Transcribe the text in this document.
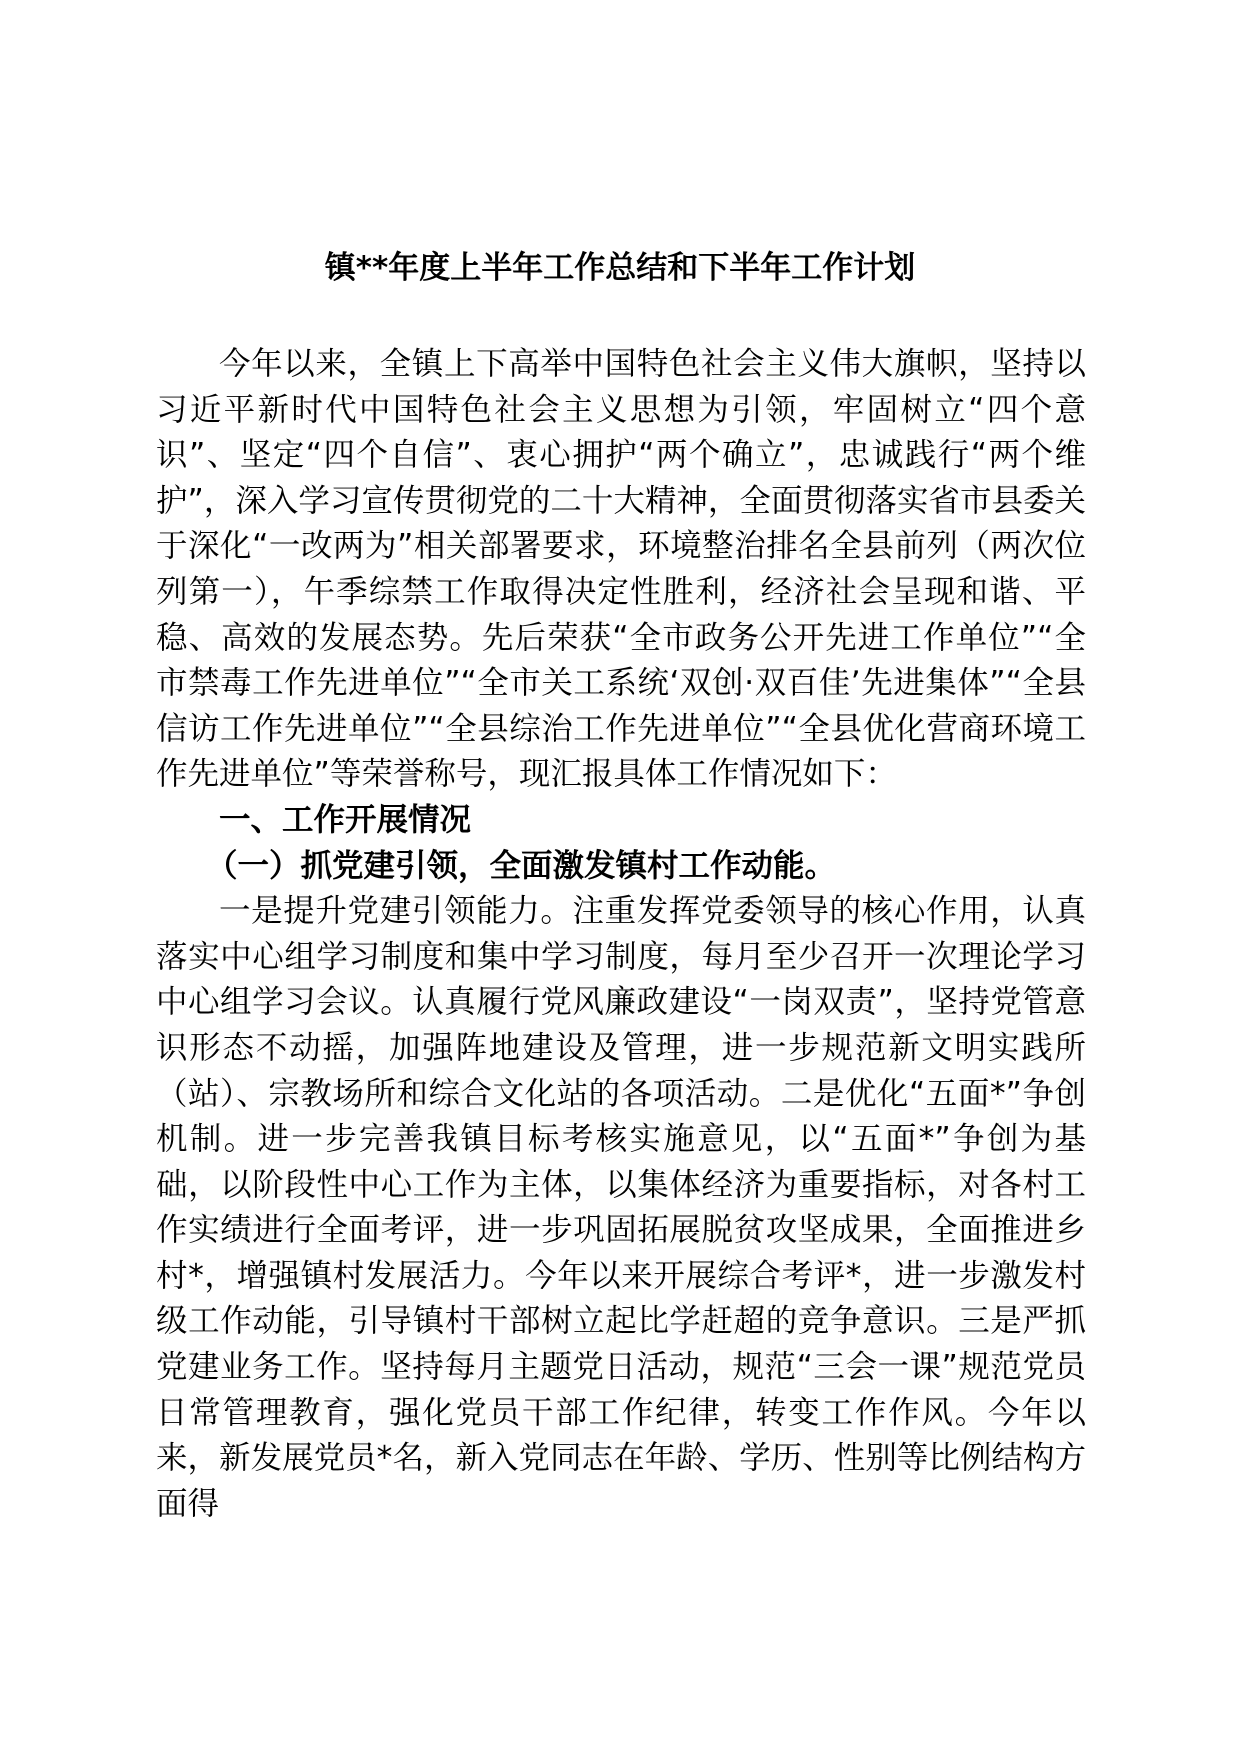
镇**年度上半年工作总结和下半年工作计划

今年以来，全镇上下高举中国特色社会主义伟大旗帜，坚持以习近平新时代中国特色社会主义思想为引领，牢固树立“四个意识”、坚定“四个自信”、衷心拥护“两个确立”，忠诚践行“两个维护”，深入学习宣传贯彻党的二十大精神，全面贯彻落实省市县委关于深化“一改两为”相关部署要求，环境整治排名全县前列（两次位列第一），午季综禁工作取得决定性胜利，经济社会呈现和谐、平稳、高效的发展态势。先后荣获“全市政务公开先进工作单位”“全市禁毒工作先进单位”“全市关工系统‘双创·双百佳’先进集体”“全县信访工作先进单位”“全县综治工作先进单位”“全县优化营商环境工作先进单位”等荣誉称号，现汇报具体工作情况如下：

一、工作开展情况

（一）抓党建引领，全面激发镇村工作动能。

一是提升党建引领能力。注重发挥党委领导的核心作用，认真落实中心组学习制度和集中学习制度，每月至少召开一次理论学习中心组学习会议。认真履行党风廉政建设“一岗双责”，坚持党管意识形态不动摇，加强阵地建设及管理，进一步规范新文明实践所（站）、宗教场所和综合文化站的各项活动。二是优化“五面*”争创机制。进一步完善我镇目标考核实施意见，以“五面*”争创为基础，以阶段性中心工作为主体，以集体经济为重要指标，对各村工作实绩进行全面考评，进一步巩固拓展脱贫攻坚成果，全面推进乡村*，增强镇村发展活力。今年以来开展综合考评*，进一步激发村级工作动能，引导镇村干部树立起比学赶超的竞争意识。三是严抓党建业务工作。坚持每月主题党日活动，规范“三会一课”规范党员日常管理教育，强化党员干部工作纪律，转变工作作风。今年以来，新发展党员*名，新入党同志在年龄、学历、性别等比例结构方面得
